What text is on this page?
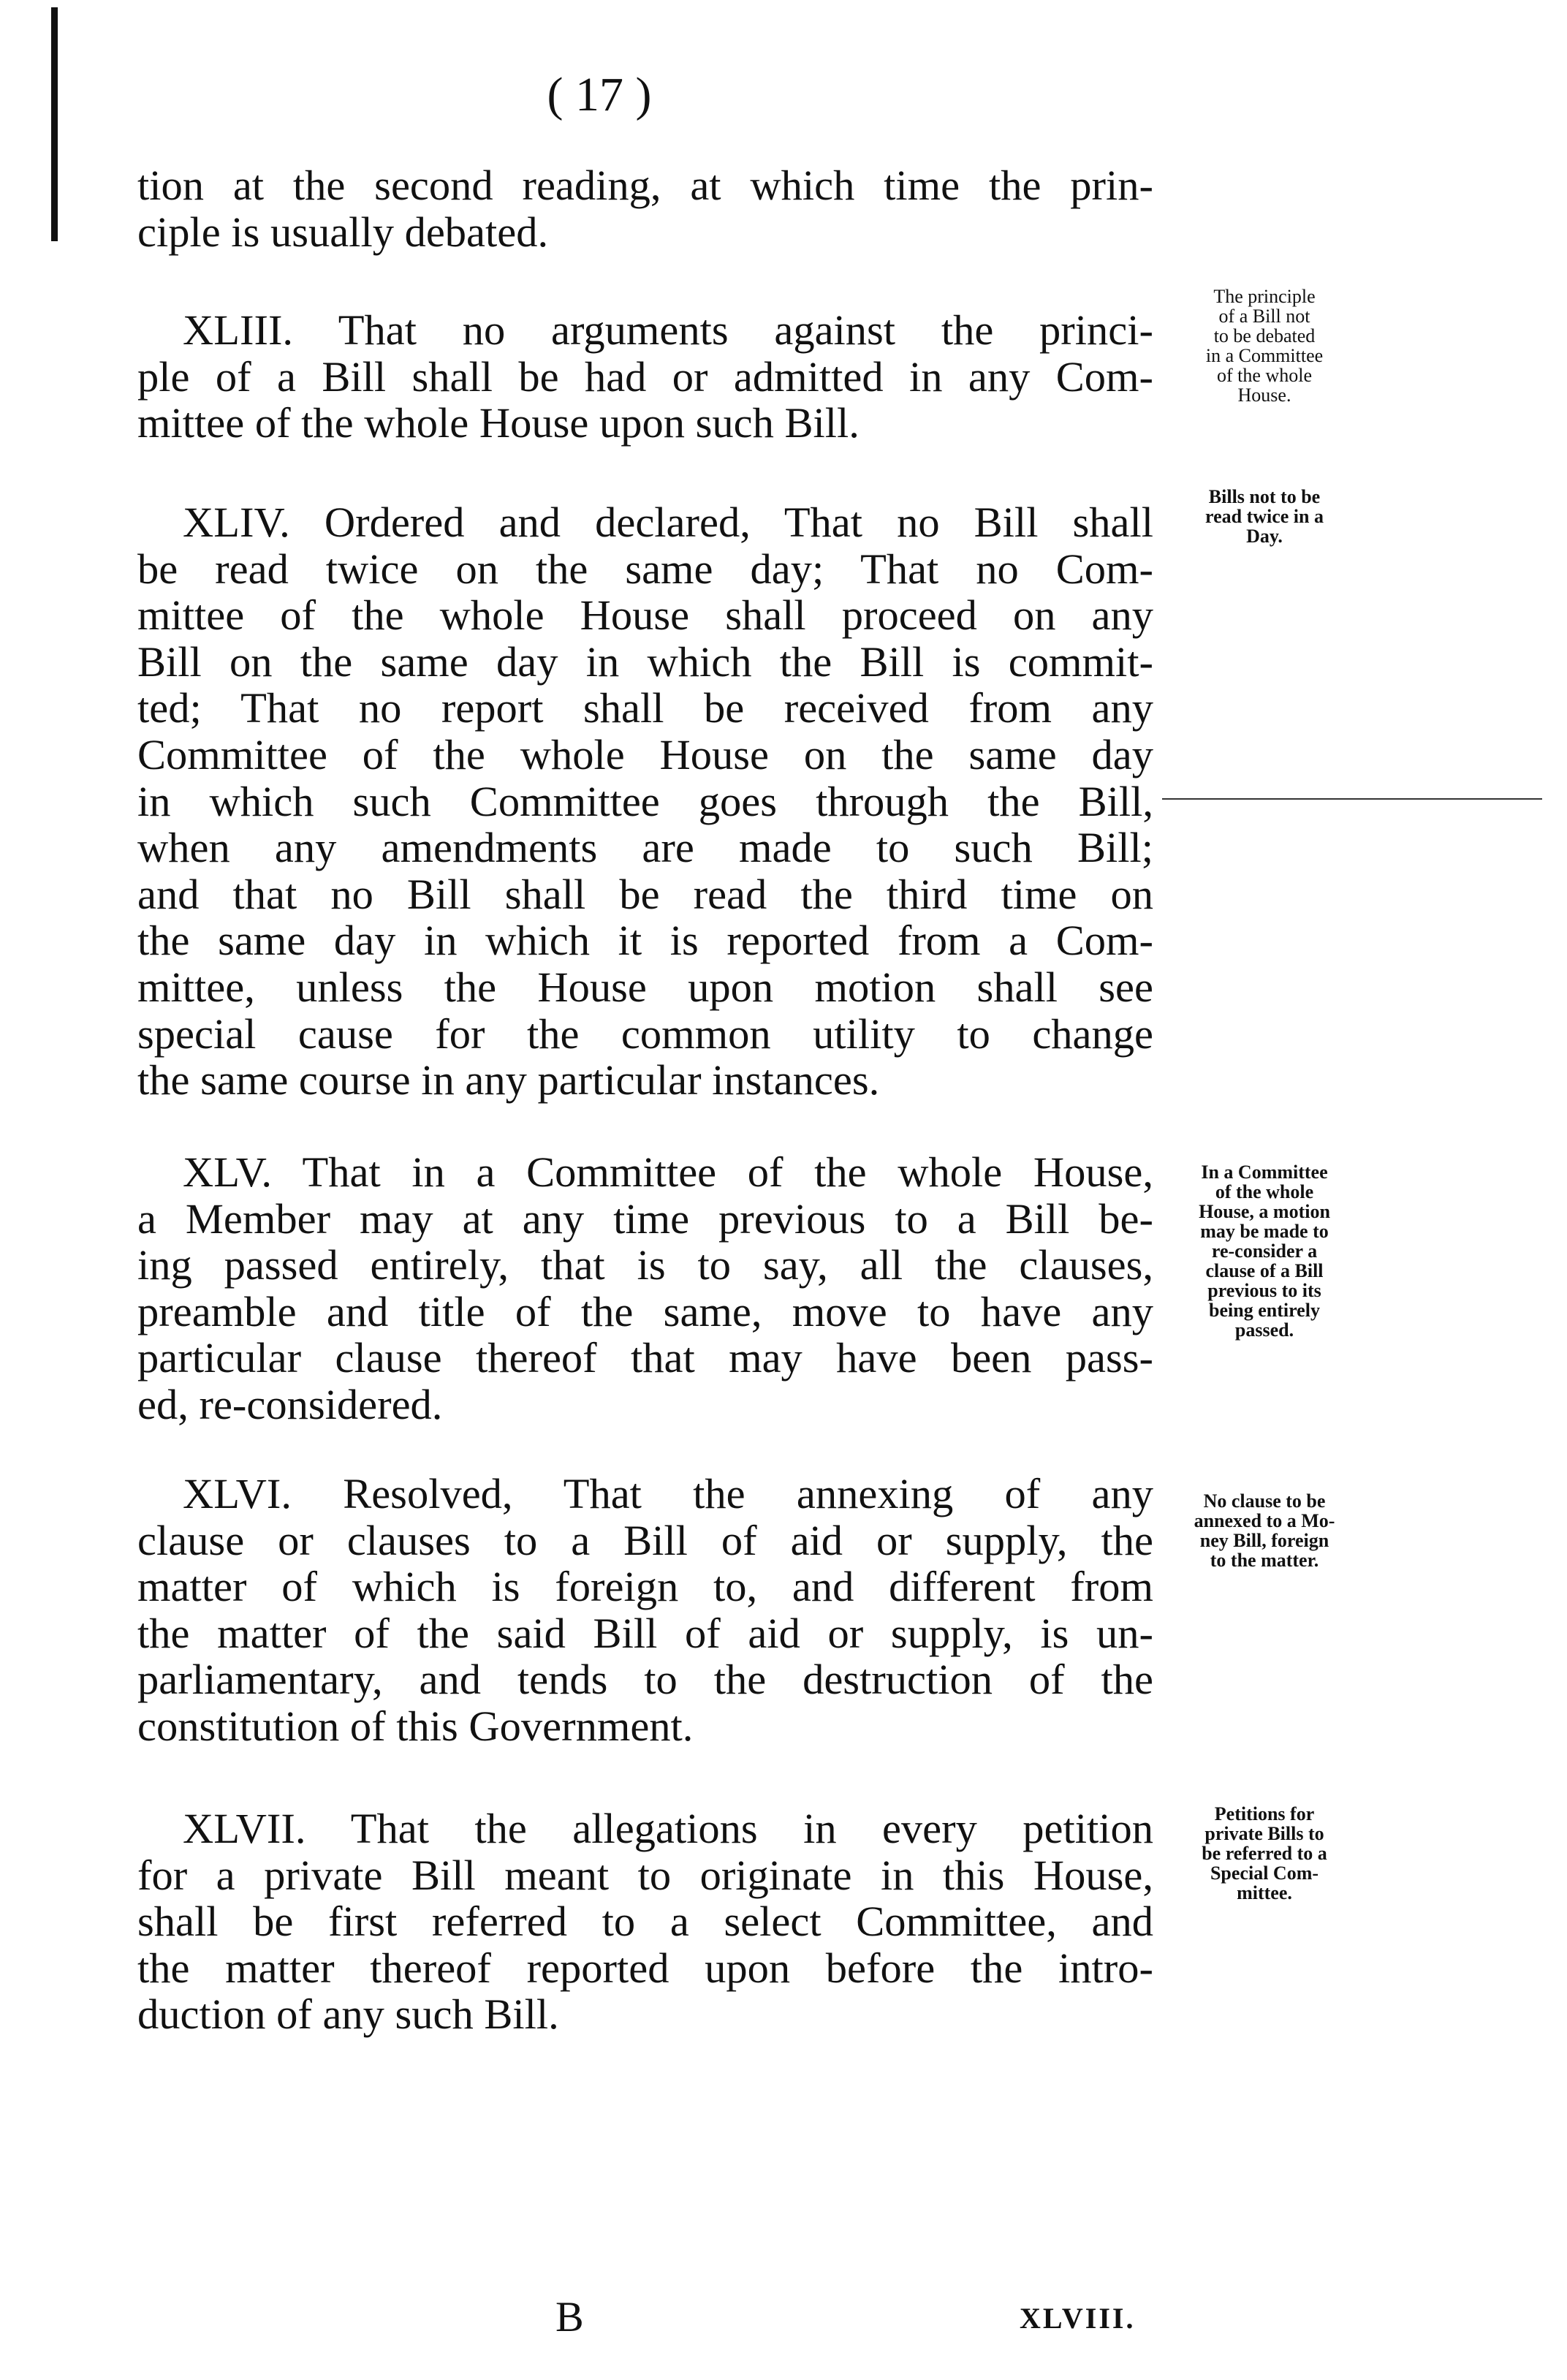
( 17 )

tion at the second reading, at which time the prin-

ciple is usually debated.

XLIII. That no arguments against the princi-

ple of a Bill shall be had or admitted in any Com-

mittee of the whole House upon such Bill.

XLIV. Ordered and declared, That no Bill shall

be read twice on the same day; That no Com-

mittee of the whole House shall proceed on any

Bill on the same day in which the Bill is commit-

ted; That no report shall be received from any

Committee of the whole House on the same day

in which such Committee goes through the Bill,

when any amendments are made to such Bill;

and that no Bill shall be read the third time on

the same day in which it is reported from a Com-

mittee, unless the House upon motion shall see

special cause for the common utility to change

the same course in any particular instances.

XLV. That in a Committee of the whole House,

a Member may at any time previous to a Bill be-

ing passed entirely, that is to say, all the clauses,

preamble and title of the same, move to have any

particular clause thereof that may have been pass-

ed, re-considered.

XLVI. Resolved, That the annexing of any

clause or clauses to a Bill of aid or supply, the

matter of which is foreign to, and different from

the matter of the said Bill of aid or supply, is un-

parliamentary, and tends to the destruction of the

constitution of this Government.

XLVII. That the allegations in every petition

for a private Bill meant to originate in this House,

shall be first referred to a select Committee, and

the matter thereof reported upon before the intro-

duction of any such Bill.

The principle
of a Bill not
to be debated
in a Committee
of the whole
House.
Bills not to be
read twice in a
Day.
In a Committee
of the whole
House, a motion
may be made to
re-consider a
clause of a Bill
previous to its
being entirely
passed.
No clause to be
annexed to a Mo-
ney Bill, foreign
to the matter.
Petitions for
private Bills to
be referred to a
Special Com-
mittee.
B	XLVIII.
